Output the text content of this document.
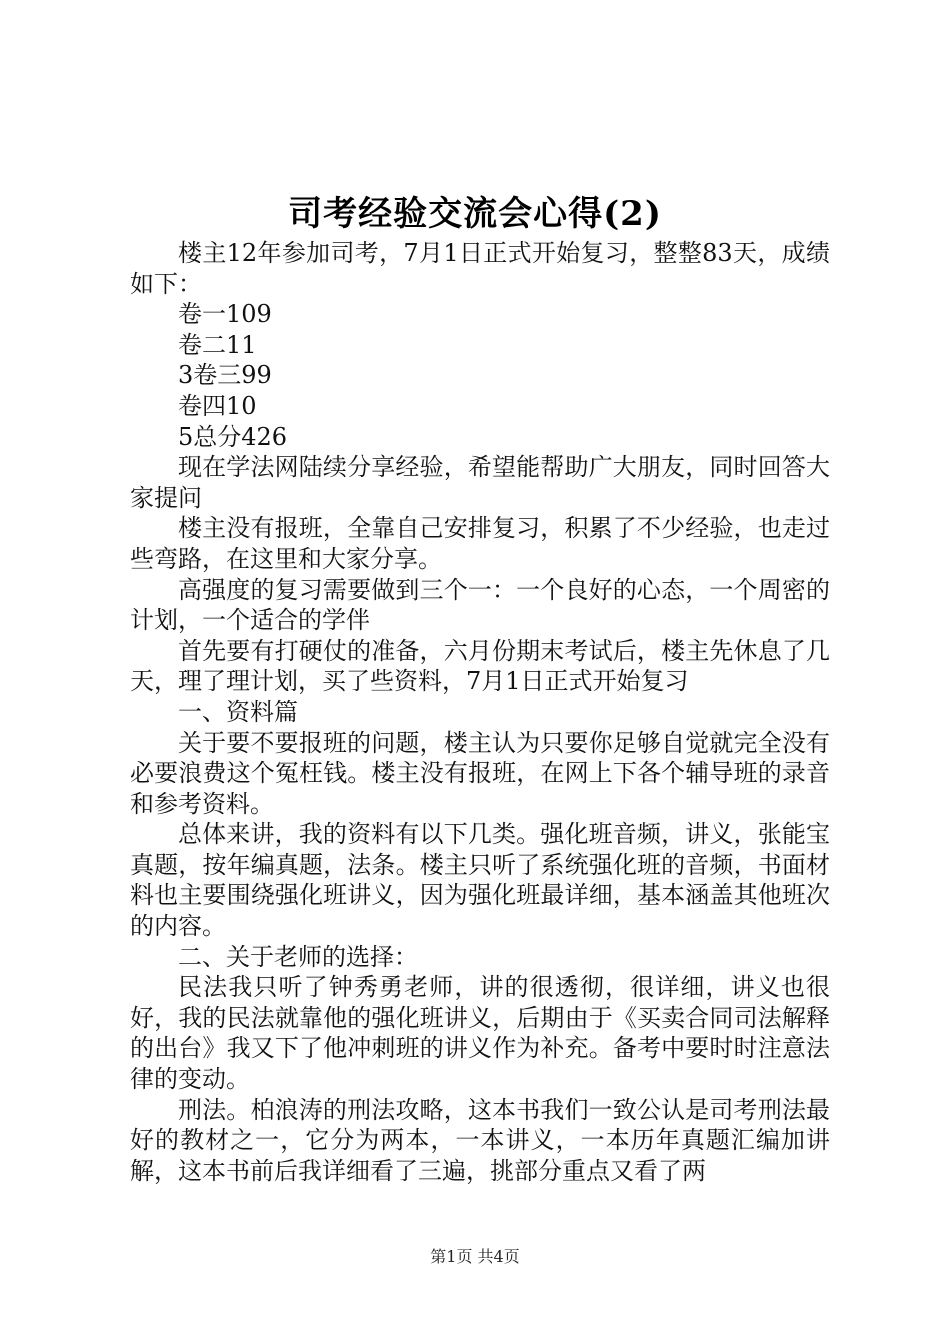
司考经验交流会心得(2)

楼主12年参加司考，7月1日正式开始复习，整整83天，成绩如下：

卷一109

卷二11

3卷三99

卷四10

5总分426

现在学法网陆续分享经验，希望能帮助广大朋友，同时回答大家提问

楼主没有报班，全靠自己安排复习，积累了不少经验，也走过些弯路，在这里和大家分享。

高强度的复习需要做到三个一：一个良好的心态，一个周密的计划，一个适合的学伴

首先要有打硬仗的准备，六月份期末考试后，楼主先休息了几天，理了理计划，买了些资料，7月1日正式开始复习

一、资料篇

关于要不要报班的问题，楼主认为只要你足够自觉就完全没有必要浪费这个冤枉钱。楼主没有报班，在网上下各个辅导班的录音和参考资料。

总体来讲，我的资料有以下几类。强化班音频，讲义，张能宝真题，按年编真题，法条。楼主只听了系统强化班的音频，书面材料也主要围绕强化班讲义，因为强化班最详细，基本涵盖其他班次的内容。

二、关于老师的选择：

民法我只听了钟秀勇老师，讲的很透彻，很详细，讲义也很好，我的民法就靠他的强化班讲义，后期由于《买卖合同司法解释的出台》我又下了他冲刺班的讲义作为补充。备考中要时时注意法律的变动。

刑法。柏浪涛的刑法攻略，这本书我们一致公认是司考刑法最好的教材之一，它分为两本，一本讲义，一本历年真题汇编加讲解，这本书前后我详细看了三遍，挑部分重点又看了两

第1页 共4页
